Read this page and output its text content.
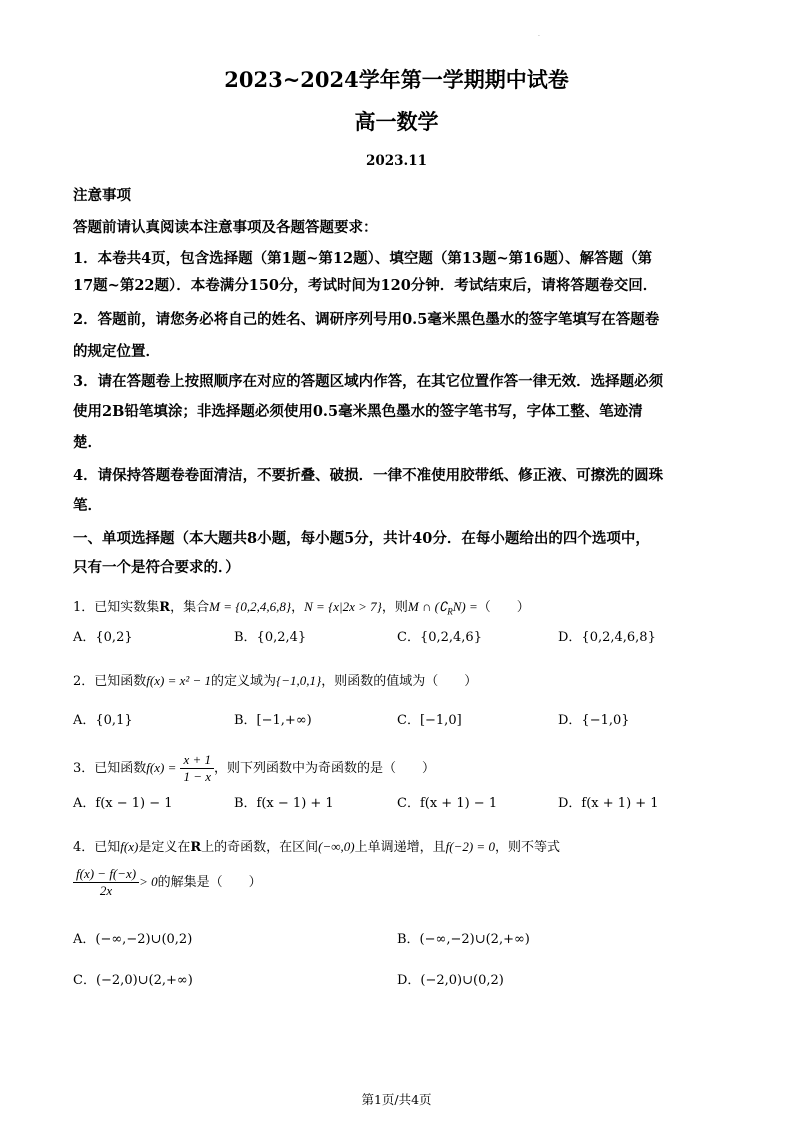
.
2023~2024学年第一学期期中试卷
高一数学
2023.11
注意事项
答题前请认真阅读本注意事项及各题答题要求：
1．本卷共4页，包含选择题（第1题~第12题）、填空题（第13题~第16题）、解答题（第
17题~第22题）．本卷满分150分，考试时间为120分钟．考试结束后，请将答题卷交回．
2．答题前，请您务必将自己的姓名、调研序列号用0.5毫米黑色墨水的签字笔填写在答题卷
的规定位置．
3．请在答题卷上按照顺序在对应的答题区域内作答，在其它位置作答一律无效．选择题必须
使用2B铅笔填涂；非选择题必须使用0.5毫米黑色墨水的签字笔书写，字体工整、笔迹清
楚．
4．请保持答题卷卷面清洁，不要折叠、破损．一律不准使用胶带纸、修正液、可擦洗的圆珠
笔．
一、单项选择题（本大题共8小题，每小题5分，共计40分．在每小题给出的四个选项中，
只有一个是符合要求的．）
1．已知实数集R，集合M = {0,2,4,6,8}，N = {x|2x > 7}，则M ∩ $(∁_RN)$ =（　　）
A．{0,2}	B．{0,2,4}	C．{0,2,4,6}	D．{0,2,4,6,8}
2．已知函数f(x) = x² − 1的定义域为{−1,0,1}，则函数的值域为（　　）
A．{0,1}	B．[−1,+∞)	C．[−1,0]	D．{−1,0}
3．已知函数$f(x) = \frac{x + 1}{1 - x}$ ，则下列函数中为奇函数的是（　　）
A．f(x − 1) − 1	B．f(x − 1) + 1	C．f(x + 1) − 1	D．f(x + 1) + 1
4．已知f(x)是定义在R上的奇函数，在区间(−∞,0)上单调递增，且f(−2) = 0，则不等式
$\frac{f(x) - f(-x)}{2x} > 0$的解集是（　　）
A．(−∞,−2)∪(0,2)	B．(−∞,−2)∪(2,+∞)
C．(−2,0)∪(2,+∞)	D．(−2,0)∪(0,2)
第1页/共4页
